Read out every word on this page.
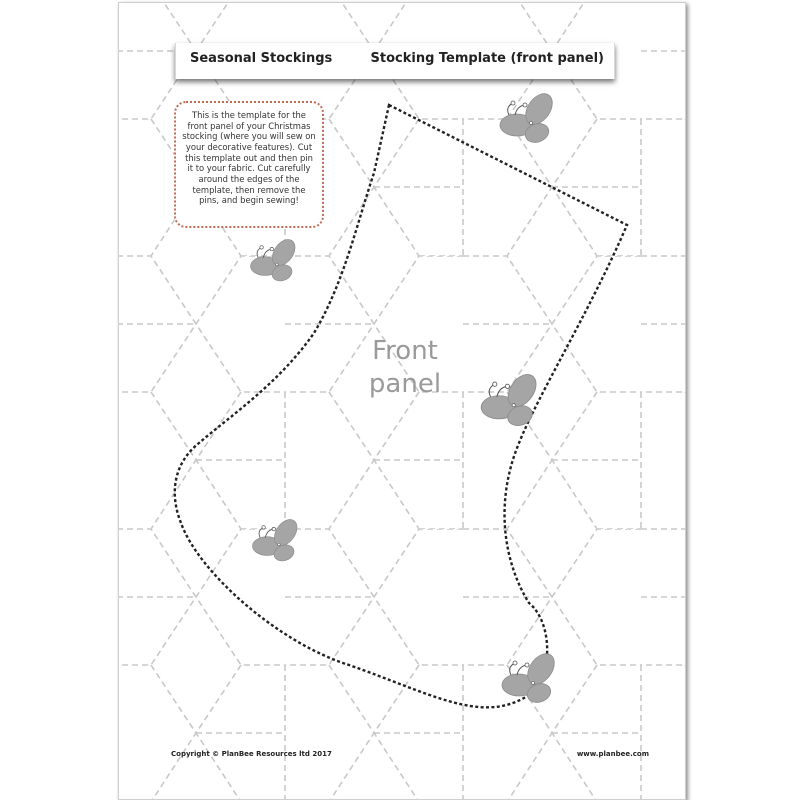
Seasonal Stockings	Stocking Template (front panel)
This is the template for the front panel of your Christmas stocking (where you will sew on your decorative features). Cut this template out and then pin it to your fabric. Cut carefully around the edges of the template, then remove the pins, and begin sewing!
Front
panel
Copyright © PlanBee Resources ltd 2017	www.planbee.com
